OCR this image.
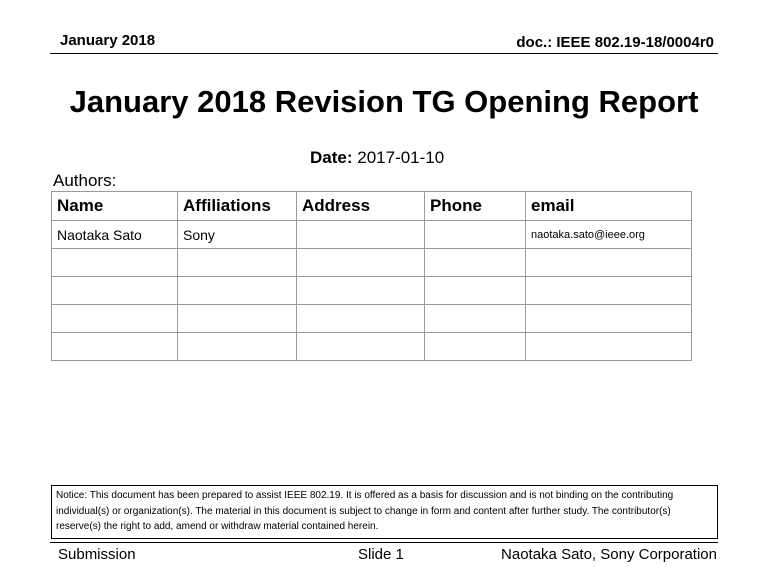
January 2018	doc.: IEEE 802.19-18/0004r0
January 2018 Revision TG Opening Report
Date: 2017-01-10
Authors:
Name	Affiliations	Address	Phone	email
Naotaka Sato	Sony			naotaka.sato@ieee.org

Notice: This document has been prepared to assist IEEE 802.19. It is offered as a basis for discussion and is not binding on the contributing individual(s) or organization(s). The material in this document is subject to change in form and content after further study. The contributor(s) reserve(s) the right to add, amend or withdraw material contained herein.
Submission	Slide 1	Naotaka Sato, Sony Corporation
